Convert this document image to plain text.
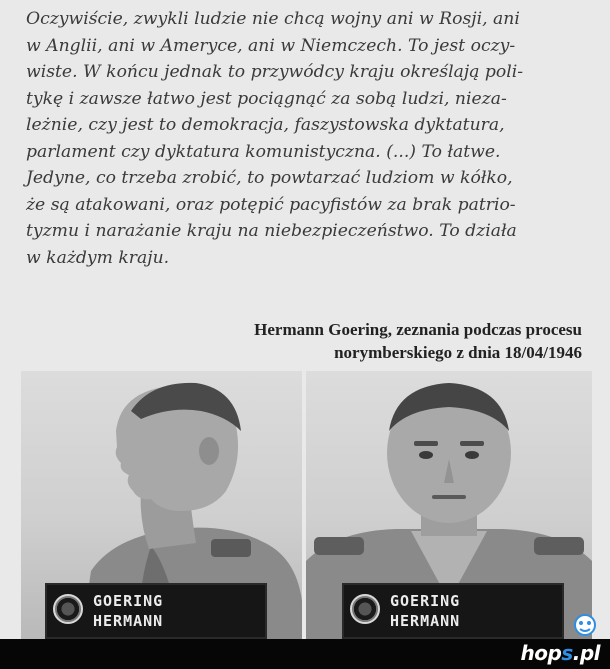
Oczywiście, zwykli ludzie nie chcą wojny ani w Rosji, ani
w Anglii, ani w Ameryce, ani w Niemczech. To jest oczy-
wiste. W końcu jednak to przywódcy kraju określają poli-
tykę i zawsze łatwo jest pociągnąć za sobą ludzi, nieza-
leżnie, czy jest to demokracja, faszystowska dyktatura,
parlament czy dyktatura komunistyczna. (...) To łatwe.
Jedyne, co trzeba zrobić, to powtarzać ludziom w kółko,
że są atakowani, oraz potępić pacyfistów za brak patrio-
tyzmu i narażanie kraju na niebezpieczeństwo. To działa
w każdym kraju.
Hermann Goering, zeznania podczas procesu
norymberskiego z dnia 18/04/1946
GOERING
HERMANN
GOERING
HERMANN
hops.pl
